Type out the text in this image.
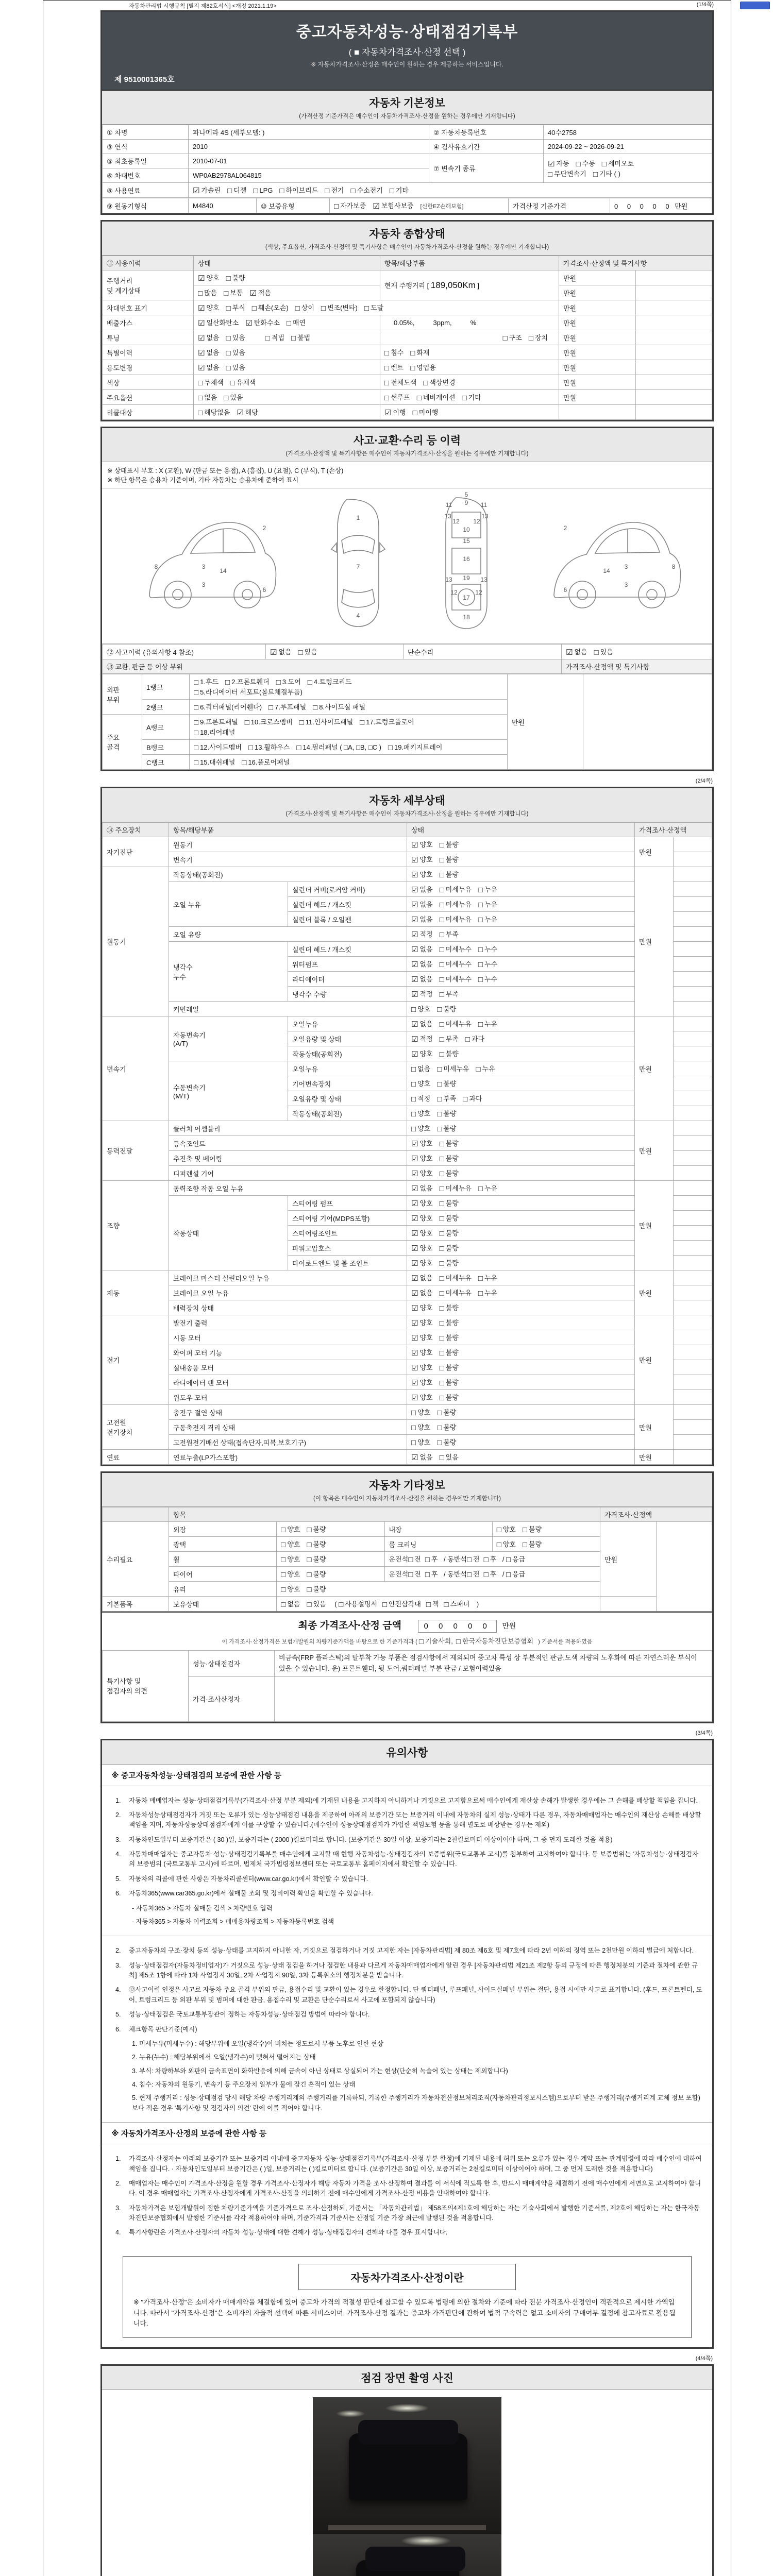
자동차관리법 시행규칙 [별지 제82호서식] <개정 2021.1.19>	(1/4쪽)
중고자동차성능·상태점검기록부
( ■ 자동차가격조사·산정 선택 )
※ 자동차가격조사·산정은 매수인이 원하는 경우 제공하는 서비스입니다.
제 9510001365호
자동차 기본정보
(가격산정 기준가격은 매수인이 자동차가격조사·산정을 원하는 경우에만 기재합니다)
① 차명	파나메라 4S (세부모델: )	② 자동차등록번호	40수2758
③ 연식	2010	④ 검사유효기간	2024-09-22 ~ 2026-09-21
⑤ 최초등록일	2010-07-01	⑦ 변속기 종류	☑ 자동 □ 수동 □ 세미오토
□ 무단변속기 □ 기타 ( )
⑥ 차대번호	WP0AB2978AL064815		
⑧ 사용연료	☑ 가솔린 □ 디젤 □ LPG □ 하이브리드 □ 전기 □ 수소전기 □ 기타		
⑨ 원동기형식	M4840	⑩ 보증유형	□ 자가보증 ☑ 보험사보증 [신한EZ손해보험]	가격산정 기준가격	0 0 0 0 0 만원
자동차 종합상태
(색상, 주요옵션, 가격조사·산정액 및 특기사항은 매수인이 자동차가격조사·산정을 원하는 경우에만 기재합니다)
⑪ 사용이력	상태	항목/해당부품	가격조사·산정액 및 특기사항	
주행거리
및 계기상태	☑ 양호 □ 불량	현재 주행거리 [ 189,050Km ]	만원	
	□ 많음 □ 보통 ☑ 적음		만원	
차대번호 표기	☑ 양호 □ 부식 □ 훼손(오손) □ 상이 □ 변조(변타) □ 도말		만원	
배출가스	☑ 일산화탄소 ☑ 탄화수소 □ 매연	0.05%, 3ppm, %	만원	
튜닝	☑ 없음 □ 있음 □ 적법 □ 불법	□ 구조 □ 장치	만원	
특별이력	☑ 없음 □ 있음	□ 침수 □ 화재	만원	
용도변경	☑ 없음 □ 있음	□ 렌트 □ 영업용	만원	
색상	□ 무채색 □ 유채색	□ 전체도색 □ 색상변경	만원	
주요옵션	□ 없음 □ 있음	□ 썬루프 □ 네비게이션 □ 기타	만원	
리콜대상	□ 해당없음 ☑ 해당	☑ 이행 □ 미이행		
사고·교환·수리 등 이력
(가격조사·산정액 및 특기사항은 매수인이 자동차가격조사·산정을 원하는 경우에만 기재합니다)
※ 상태표시 부호 : X (교환), W (판금 또는 용접), A (흠집), U (요철), C (부식), T (손상)
※ 하단 항목은 승용차 기준이며, 기타 자동차는 승용차에 준하여 표시
2
8	3
3
14
6
1
7
4
5
9
11	11
13	13
12 12
10
15
16
13	13
19
12	12
17
18
2
8
3
3
14
6
⑫ 사고이력 (유의사항 4 참조)	☑ 없음 □ 있음	단순수리	☑ 없음 □ 있음
⑬ 교환, 판금 등 이상 부위			가격조사·산정액 및 특기사항
외판
부위	1랭크	□ 1.후드 □ 2.프론트휀더 □ 3.도어 □ 4.트렁크리드
□ 5.라디에이터 서포트(볼트체결부품)	만원	
	2랭크	□ 6.쿼터패널(리어휀다) □ 7.루프패널 □ 8.사이드실 패널		
주요
골격	A랭크	□ 9.프론트패널 □ 10.크로스멤버 □ 11.인사이드패널 □ 17.트렁크플로어
□ 18.리어패널		
	B랭크	□ 12.사이드멤버 □ 13.휠하우스 □ 14.필러패널 ( □A, □B, □C ) □ 19.패키지트레이		

	C랭크	□ 15.대쉬패널 □ 16.플로어패널		
(2/4쪽)
자동차 세부상태
(가격조사·산정액 및 특기사항은 매수인이 자동차가격조사·산정을 원하는 경우에만 기재합니다)
⑭ 주요장치	항목/해당부품		상태	가격조사·산정액	
자기진단	원동기		☑ 양호 □ 불량	만원	
	변속기		☑ 양호 □ 불량		
원동기	작동상태(공회전)		☑ 양호 □ 불량	만원	
	오일 누유	실린더 커버(로커암 커버)	☑ 없음 □ 미세누유 □ 누유		
		실린더 헤드 / 개스킷	☑ 없음 □ 미세누유 □ 누유		
		실린더 블록 / 오일팬	☑ 없음 □ 미세누유 □ 누유		
	오일 유량		☑ 적정 □ 부족		
	냉각수
누수	실린더 헤드 / 개스킷	☑ 없음 □ 미세누수 □ 누수		
		워터펌프	☑ 없음 □ 미세누수 □ 누수		
		라디에이터	☑ 없음 □ 미세누수 □ 누수		
		냉각수 수량	☑ 적정 □ 부족		
	커먼레일		□ 양호 □ 불량		
변속기	자동변속기
(A/T)	오일누유	☑ 없음 □ 미세누유 □ 누유	만원	
		오일유량 및 상태	☑ 적정 □ 부족 □ 과다		
		작동상태(공회전)	☑ 양호 □ 불량		
	수동변속기
(M/T)	오일누유	□ 없음 □ 미세누유 □ 누유		
		기어변속장치	□ 양호 □ 불량		
		오일유량 및 상태	□ 적정 □ 부족 □ 과다		
		작동상태(공회전)	□ 양호 □ 불량		
동력전달	클러치 어셈블리		□ 양호 □ 불량	만원	
	등속조인트		☑ 양호 □ 불량		
	추진축 및 베어링		☑ 양호 □ 불량		
	디퍼렌셜 기어		☑ 양호 □ 불량		
조향	동력조향 작동 오일 누유		☑ 없음 □ 미세누유 □ 누유	만원	
	작동상태	스티어링 펌프	☑ 양호 □ 불량		
		스티어링 기어(MDPS포함)	☑ 양호 □ 불량		
		스티어링조인트	☑ 양호 □ 불량		
		파워고압호스	☑ 양호 □ 불량		
		타이로드엔드 및 볼 조인트	☑ 양호 □ 불량		
제동	브레이크 마스터 실린더오일 누유		☑ 없음 □ 미세누유 □ 누유	만원	
	브레이크 오일 누유		☑ 없음 □ 미세누유 □ 누유		
	배력장치 상태		☑ 양호 □ 불량		
전기	발전기 출력		☑ 양호 □ 불량	만원	
	시동 모터		☑ 양호 □ 불량		
	와이퍼 모터 기능		☑ 양호 □ 불량		
	실내송풍 모터		☑ 양호 □ 불량		
	라디에이터 팬 모터		☑ 양호 □ 불량		
	윈도우 모터		☑ 양호 □ 불량		
고전원
전기장치	충전구 절연 상태		□ 양호 □ 불량	만원	
	구동축전지 격리 상태		□ 양호 □ 불량		
	고전원전기배선 상태(접속단자,피복,보호기구)		□ 양호 □ 불량		
연료	연료누출(LP가스포함)		☑ 없음 □ 있음	만원	
자동차 기타정보
(이 항목은 매수인이 자동차가격조사·산정을 원하는 경우에만 기재합니다)
	항목				가격조사·산정액	
수리필요	외장	□ 양호 □ 불량	내장	□ 양호 □ 불량	만원	
	광택	□ 양호 □ 불량	룸 크리닝	□ 양호 □ 불량		
	휠	□ 양호 □ 불량	운전석□ 전 □ 후 / 동반석□ 전 □ 후 / □ 응급			
	타이어	□ 양호 □ 불량	운전석□ 전 □ 후 / 동반석□ 전 □ 후 / □ 응급			
	유리	□ 양호 □ 불량				
기본품목	보유상태	□ 없음 □ 있음 ( □ 사용설명서 □ 안전삼각대 □ 잭 □ 스패너 )				
최종 가격조사·산정 금액	0 0 0 0 0 만원
이 가격조사·산정가격은 보험개발원의 차량기준가액을 바탕으로 한 기준가격과 ( □ 기술사회, □ 한국자동차진단보증협회 ) 기준서를 적용하였음
특기사항 및
점검자의 의견	성능·상태점검자	비금속(FRP 플라스틱)의 탈부착 가능 부품은 점검사항에서 제외되며 중고차 특성 상 부분적인 판금,도색 차량의 노후화에 따른 자연스러운 부식이 있을 수 있습니다. 운) 프론트휀더, 뒷 도어,쿼터패널 부분 판금 / 보험이력있음
	가격·조사산정자	
(3/4쪽)
유의사항
※ 중고자동차성능·상태점검의 보증에 관한 사항 등
1.	자동차 매매업자는 성능·상태점검기록부(가격조사·산정 부분 제외)에 기재된 내용을 고지하지 아니하거나 거짓으로 고지함으로써 매수인에게 재산상 손해가 발생한 경우에는 그 손해를 배상할 책임을 집니다.
2.	자동차성능상태점검자가 거짓 또는 오류가 있는 성능상태점검 내용을 제공하여 아래의 보증기간 또는 보증거리 이내에 자동차의 실제 성능·상태가 다른 경우, 자동차매매업자는 매수인의 재산상 손해를 배상할 책임을 지며, 자동차성능상태점검자에게 이를 구상할 수 있습니다.(매수인이 성능상태점검자가 가입한 책임보험 등을 통해 별도로 배상받는 경우는 제외)
3.	자동차인도일부터 보증기간은 ( 30 )일, 보증거리는 ( 2000 )킬로미터로 합니다. (보증기간은 30일 이상, 보증거리는 2천킬로미터 이상이어야 하며, 그 중 먼저 도래한 것을 적용)
4.	자동차매매업자는 중고자동차 성능·상태점검기록부를 매수인에게 고지할 때 현행 자동차성능·상태점검자의 보증범위(국토교통부 고시)를 첨부하여 고지하여야 합니다. 동 보증범위는 '자동차성능·상태점검자의 보증범위 (국토교통부 고시)에 따르며, 법제처 국가법령정보센터 또는 국토교통부 홈페이지에서 확인할 수 있습니다.
5.	자동차의 리콜에 관한 사항은 자동차리콜센터(www.car.go.kr)에서 확인할 수 있습니다.
6.	자동차365(www.car365.go.kr)에서 실매물 조회 및 정비이력 확인을 확인할 수 있습니다.
- 자동차365 > 자동차 실매물 검색 > 차량번호 입력
- 자동차365 > 자동차 이력조회 > 매매용차량조회 > 자동차등록번호 검색
2.	중고자동차의 구조·장치 등의 성능·상태를 고지하지 아니한 자, 거짓으로 점검하거나 거짓 고지한 자는 [자동차관리법] 제 80조 제6호 및 제7호에 따라 2년 이하의 징역 또는 2천만원 이하의 벌금에 처합니다.
3.	성능·상태점검자(자동차정비업자)가 거짓으로 성능·상태 점검을 하거나 점검한 내용과 다르게 자동차매매업자에게 알린 경우 [자동차관리법 제21조 제2항 등의 규정에 따른 행정처분의 기준과 절차에 관한 규칙] 제5조 1항에 따라 1차 사업정지 30일, 2차 사업정지 90일, 3차 등록취소의 행정처분을 받습니다.
4.	⑫사고이력 인정은 사고로 자동차 주요 골격 부위의 판금, 용접수리 및 교환이 있는 경우로 한정합니다. 단 쿼터패널, 루프패널, 사이드실패널 부위는 절단, 용접 시에만 사고로 표기합니다. (후드, 프론트펜더, 도어, 트렁크리드 등 외판 부위 및 범퍼에 대한 판금, 용접수리 및 교환은 단순수리로서 사고에 포함되지 않습니다)
5.	성능·상태점검은 국토교통부장관이 정하는 자동차성능·상태점검 방법에 따라야 합니다.
6.	체크항목 판단기준(예시)
1. 미세누유(미세누수) : 해당부위에 오일(냉각수)이 비치는 정도로서 부품 노후로 인한 현상
2. 누유(누수) : 해당부위에서 오일(냉각수)이 맺혀서 떨어지는 상태
3. 부식: 차량하부와 외판의 금속표면이 화학반응에 의해 금속이 아닌 상태로 상실되어 가는 현상(단순히 녹슬어 있는 상태는 제외합니다)
4. 침수: 자동차의 원동기, 변속기 등 주요장치 일부가 물에 잠긴 흔적이 있는 상태
5. 현재 주행거리 : 성능·상태점검 당시 해당 차량 주행거리계의 주행거리를 기록하되, 기록한 주행거리가 자동차전산정보처리조직(자동차관리정보시스템)으로부터 받은 주행거리(주행거리계 교체 정보 포함)보다 적은 경우 '특기사항 및 점검자의 의견' 란에 이를 적어야 합니다.
※ 자동차가격조사·산정의 보증에 관한 사항 등
1.	가격조사·산정자는 아래의 보증기간 또는 보증거리 이내에 중고자동차 성능·상태점검기록부(가격조사·산정 부분 한정)에 기재된 내용에 허위 또는 오류가 있는 경우 계약 또는 관계법령에 따라 매수인에 대하여 책임을 집니다. · 자동차인도일부터 보증기간은 ( )일, 보증거리는 ( )킬로미터로 합니다. (보증기간은 30일 이상, 보증거리는 2천킬로미터 이상이어야 하며, 그 중 먼저 도래한 것을 적용합니다)
2.	매매업자는 매수인이 가격조사·산정을 원할 경우 가격조사·산정자가 해당 자동차 가격을 조사·산정하여 결과를 이 서식에 적도록 한 후, 반드시 매매계약을 체결하기 전에 매수인에게 서면으로 고지하여야 합니다. 이 경우 매매업자는 가격조사·산정자에게 가격조사·산정을 의뢰하기 전에 매수인에게 가격조사·산정 비용을 안내하여야 합니다.
3.	자동차가격은 보험개발원이 정한 차량기준가액을 기준가격으로 조사·산정하되, 기준서는 「자동차관리법」 제58조의4제1호에 해당하는 자는 기술사회에서 발행한 기준서를, 제2호에 해당하는 자는 한국자동차진단보증협회에서 발행한 기준서를 각각 적용하여야 하며, 기준가격과 기준서는 산정일 기준 가장 최근에 발행된 것을 적용합니다.
4.	특기사항란은 가격조사·산정자의 자동차 성능·상태에 대한 견해가 성능·상태점검자의 견해와 다를 경우 표시합니다.
자동차가격조사·산정이란
※ "가격조사·산정"은 소비자가 매매계약을 체결함에 있어 중고차 가격의 적절성 판단에 참고할 수 있도록 법령에 의한 절차와 기준에 따라 전문 가격조사·산정인이 객관적으로 제시한 가액입니다. 따라서 "가격조사·산정"은 소비자의 자율적 선택에 따른 서비스이며, 가격조사·산정 결과는 중고차 가격판단에 관하여 법적 구속력은 없고 소비자의 구매여부 결정에 참고자료로 활용됩니다.
(4/4쪽)
점검 장면 촬영 사진
